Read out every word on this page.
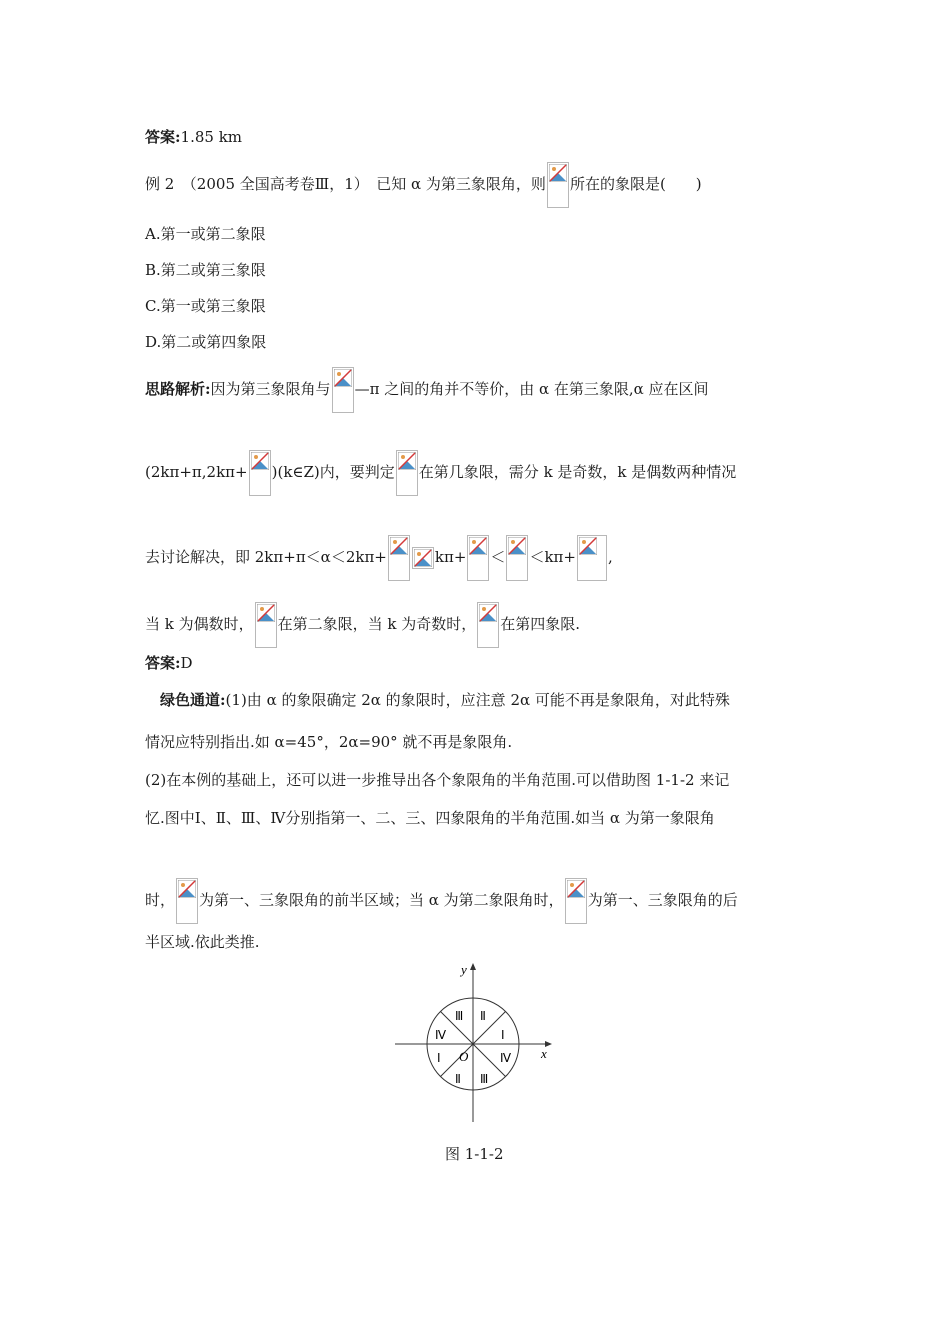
答案:1.85 km
例 2　（2005 全国高考卷Ⅲ，1）　已知 α 为第三象限角，则 所在的象限是(　　)
A.第一或第二象限
B.第二或第三象限
C.第一或第三象限
D.第二或第四象限
思路解析:因为第三象限角与 —π 之间的角并不等价，由 α 在第三象限,α 应在区间
(2kπ+π,2kπ+ )(k∈Z)内，要判定 在第几象限，需分 k 是奇数，k 是偶数两种情况
去讨论解决，即 2kπ+π＜α＜2kπ+	kπ+ ＜ ＜kπ+ ,
当 k 为偶数时， 在第二象限，当 k 为奇数时， 在第四象限.
答案:D
绿色通道:(1)由 α 的象限确定 2α 的象限时，应注意 2α 可能不再是象限角，对此特殊
情况应特别指出.如 α=45°，2α=90° 就不再是象限角.
(2)在本例的基础上，还可以进一步推导出各个象限角的半角范围.可以借助图 1-1-2 来记
忆.图中Ⅰ、Ⅱ、Ⅲ、Ⅳ分别指第一、二、三、四象限角的半角范围.如当 α 为第一象限角
时， 为第一、三象限角的前半区域；当 α 为第二象限角时， 为第一、三象限角的后
半区域.依此类推.
x
y
O
Ⅰ
Ⅱ
Ⅲ
Ⅳ
Ⅰ
Ⅱ Ⅲ
Ⅳ
图 1-1-2
